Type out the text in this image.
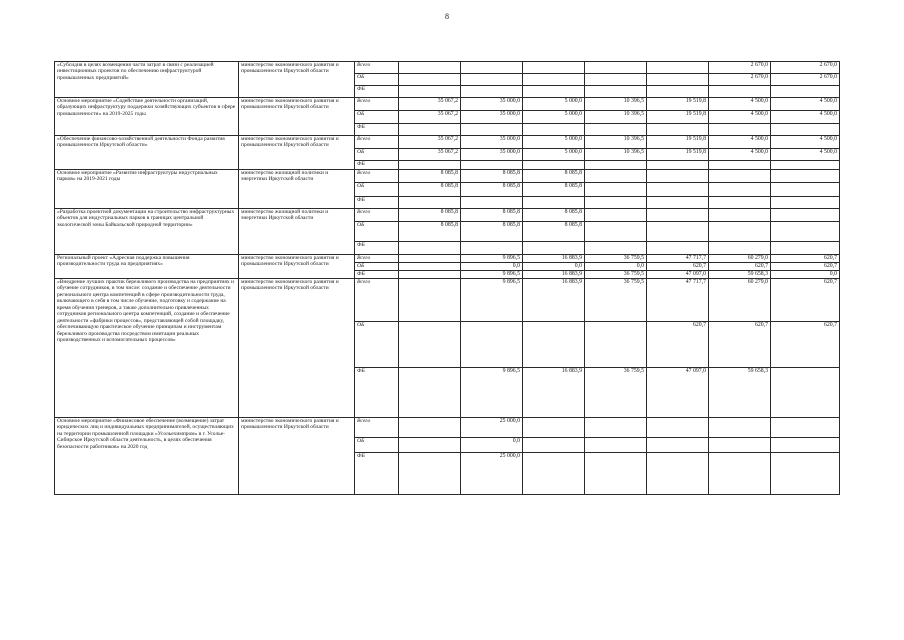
8
«Субсидия в целях возмещения части затрат в связи с реализацией инвестиционных проектов по обеспечению инфраструктурой промышленных предприятий»	министерство экономического развития и промышленности Иркутской области	Всего						2 670,0	2 670,0
		ОБ						2 670,0	2 670,0
		ФБ							
Основное мероприятие «Содействие деятельности организаций, образующих инфраструктуру поддержки хозяйствующих субъектов в сфере промышленности» на 2019-2025 годы	министерство экономического развития и промышленности Иркутской области	Всего	35 067,2	35 000,0	5 000,0	10 396,5	19 519,8	4 500,0	4 500,0
		ОБ	35 067,2	35 000,0	5 000,0	10 396,5	19 519,8	4 500,0	4 500,0
		ФБ							
«Обеспечение финансово-хозяйственной деятельности Фонда развития промышленности Иркутской области»	министерство экономического развития и промышленности Иркутской области	Всего	35 067,2	35 000,0	5 000,0	10 396,5	19 519,8	4 500,0	4 500,0
		ОБ	35 067,2	35 000,0	5 000,0	10 396,5	19 519,8	4 500,0	4 500,0
		ФБ							
Основное мероприятие «Развитие инфраструктуры индустриальных парков» на 2019-2021 годы	министерство жилищной политики и энергетики Иркутской области	Всего	8 085,8	8 085,8	8 085,8				
		ОБ	8 085,8	8 085,8	8 085,8				
		ФБ							
«Разработка проектной документации на строительство инфраструктурных объектов для индустриальных парков в границах центральной экологической зоны Байкальской природной территории»	министерство жилищной политики и энергетики Иркутской области	Всего	8 085,8	8 085,8	8 085,8				
		ОБ	8 085,8	8 085,8	8 085,8				
		ФБ							
Региональный проект «Адресная поддержка повышения производительности труда на предприятиях»	министерство экономического развития и промышленности Иркутской области	Всего		9 896,5	16 883,9	36 759,5	47 717,7	60 279,0	620,7
		ОБ		0,0	0,0	0,0	620,7	620,7	620,7
		ФБ		9 896,5	16 883,9	36 759,5	47 097,0	59 658,3	0,0
«Внедрение лучших практик бережливого производства на предприятиях и обучение сотрудников, в том числе: создание и обеспечение деятельности регионального центра компетенций в сфере производительности труда, включающего в себя в том числе обучение, подготовку и содержание на время обучения тренеров, а также дополнительно привлеченных сотрудников регионального центра компетенций, создание и обеспечение деятельности «фабрики процессов», представляющей собой площадку, обеспечивающую практическое обучение принципам и инструментам бережливого производства посредством имитации реальных производственных и вспомогательных процессов»	министерство экономического развития и промышленности Иркутской области	Всего		9 896,5	16 883,9	36 759,5	47 717,7	60 279,0	620,7
		ОБ					620,7	620,7	620,7
		ФБ		9 896,5	16 883,9	36 759,5	47 097,0	59 658,3	
Основное мероприятие «Финансовое обеспечение (возмещение) затрат юридических лиц и индивидуальных предпринимателей, осуществляющих на территории промышленной площадки «Усольехимпром» в г. Усолье-Сибирское Иркутской области деятельность, в целях обеспечения безопасности работников» на 2020 год	министерство экономического развития и промышленности Иркутской области	Всего		25 000,0					
		ОБ		0,0					
		ФБ		25 000,0					
